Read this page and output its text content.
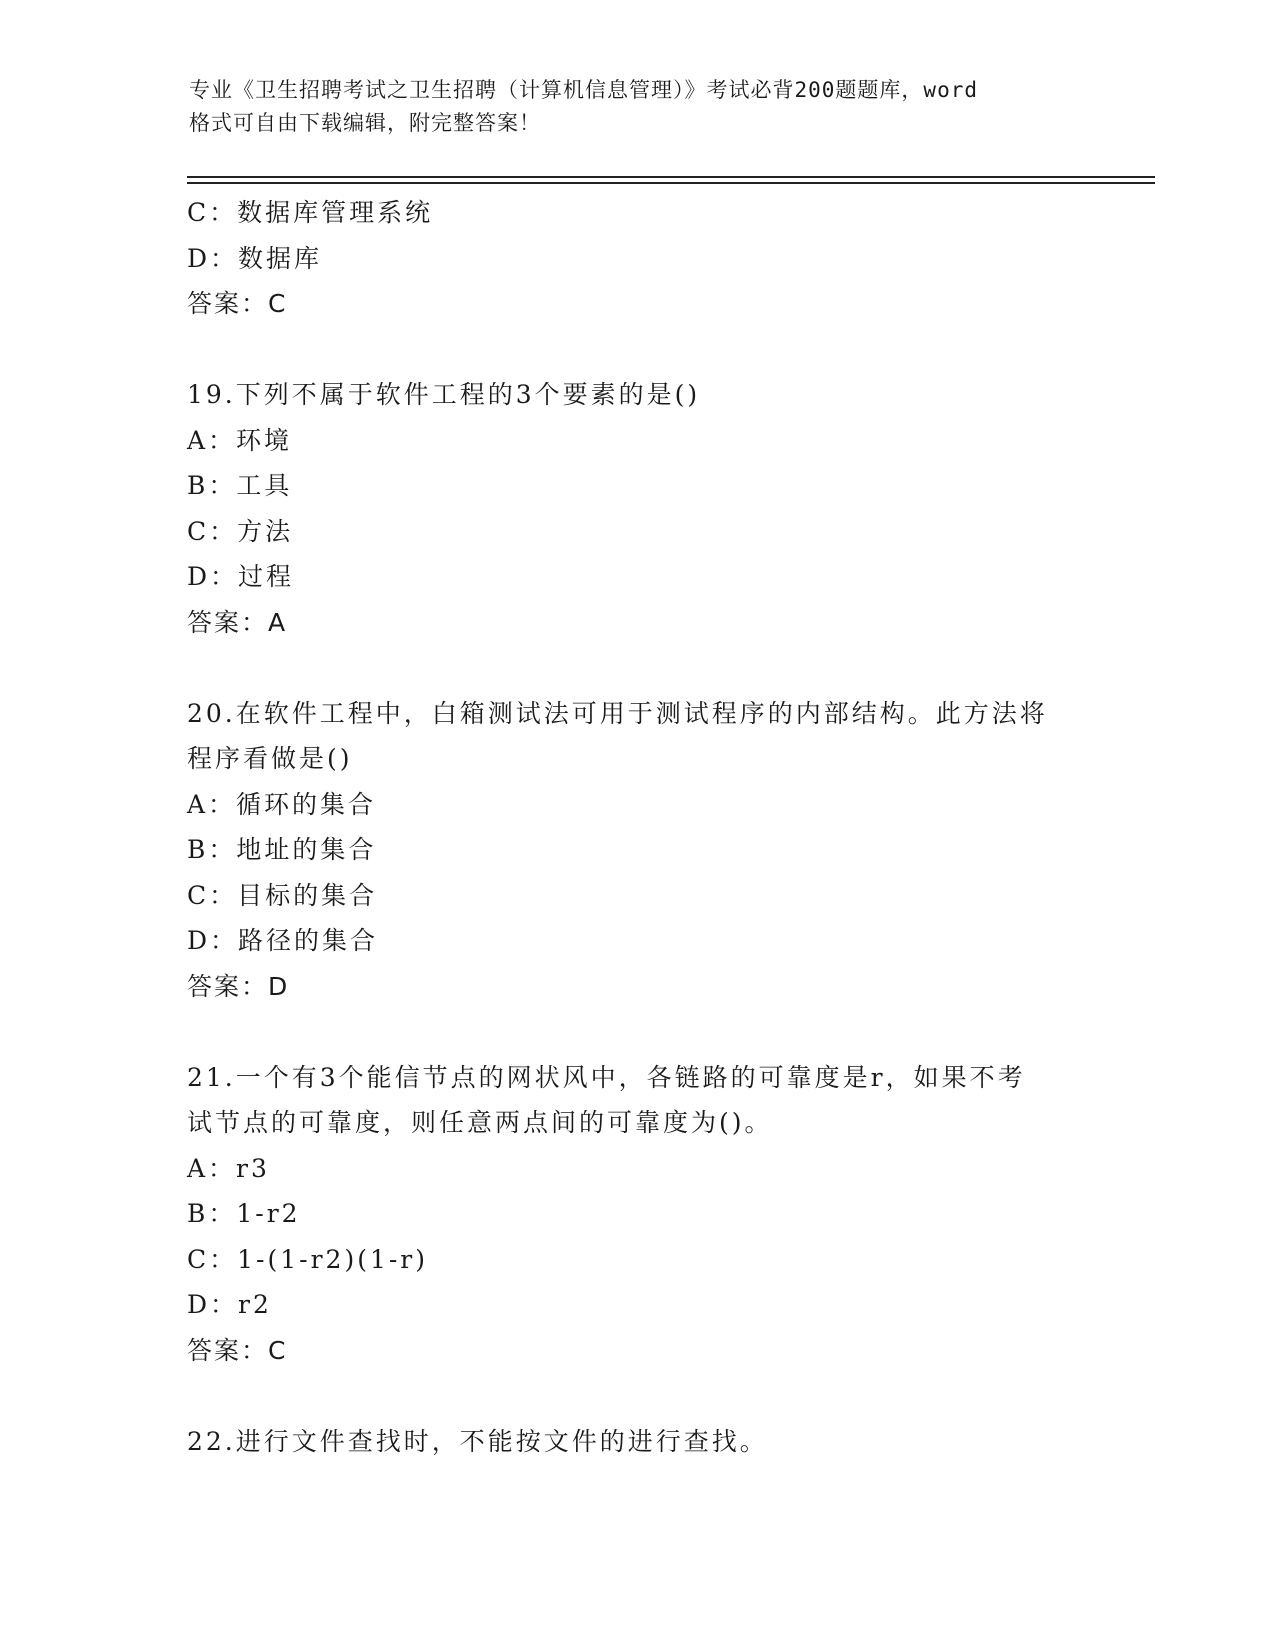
专业《卫生招聘考试之卫生招聘（计算机信息管理）》考试必背200题题库，word
格式可自由下载编辑，附完整答案！
C：数据库管理系统
D：数据库
答案：C
19.下列不属于软件工程的3个要素的是()
A：环境
B：工具
C：方法
D：过程
答案：A
20.在软件工程中，白箱测试法可用于测试程序的内部结构。此方法将
程序看做是()
A：循环的集合
B：地址的集合
C：目标的集合
D：路径的集合
答案：D
21.一个有3个能信节点的网状风中，各链路的可靠度是r，如果不考
试节点的可靠度，则任意两点间的可靠度为()。
A：r3
B：1-r2
C：1-(1-r2)(1-r)
D：r2
答案：C
22.进行文件查找时，不能按文件的进行查找。
